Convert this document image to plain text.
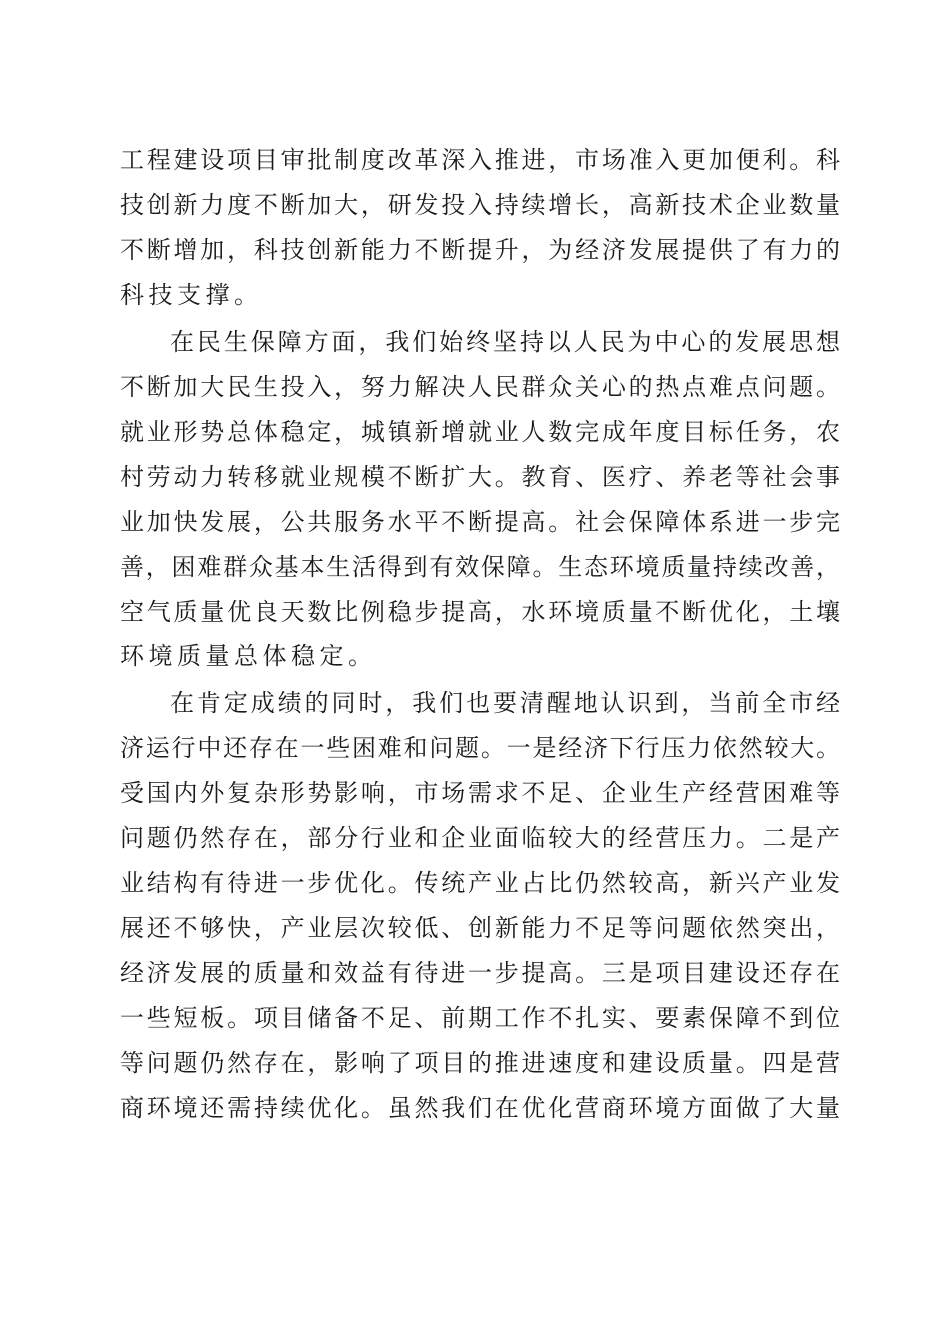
工程建设项目审批制度改革深入推进，市场准入更加便利。科
技创新力度不断加大，研发投入持续增长，高新技术企业数量
不断增加，科技创新能力不断提升，为经济发展提供了有力的
科技支撑。
在民生保障方面，我们始终坚持以人民为中心的发展思想
不断加大民生投入，努力解决人民群众关心的热点难点问题。
就业形势总体稳定，城镇新增就业人数完成年度目标任务，农
村劳动力转移就业规模不断扩大。教育、医疗、养老等社会事
业加快发展，公共服务水平不断提高。社会保障体系进一步完
善，困难群众基本生活得到有效保障。生态环境质量持续改善，
空气质量优良天数比例稳步提高，水环境质量不断优化，土壤
环境质量总体稳定。
在肯定成绩的同时，我们也要清醒地认识到，当前全市经
济运行中还存在一些困难和问题。一是经济下行压力依然较大。
受国内外复杂形势影响，市场需求不足、企业生产经营困难等
问题仍然存在，部分行业和企业面临较大的经营压力。二是产
业结构有待进一步优化。传统产业占比仍然较高，新兴产业发
展还不够快，产业层次较低、创新能力不足等问题依然突出，
经济发展的质量和效益有待进一步提高。三是项目建设还存在
一些短板。项目储备不足、前期工作不扎实、要素保障不到位
等问题仍然存在，影响了项目的推进速度和建设质量。四是营
商环境还需持续优化。虽然我们在优化营商环境方面做了大量
